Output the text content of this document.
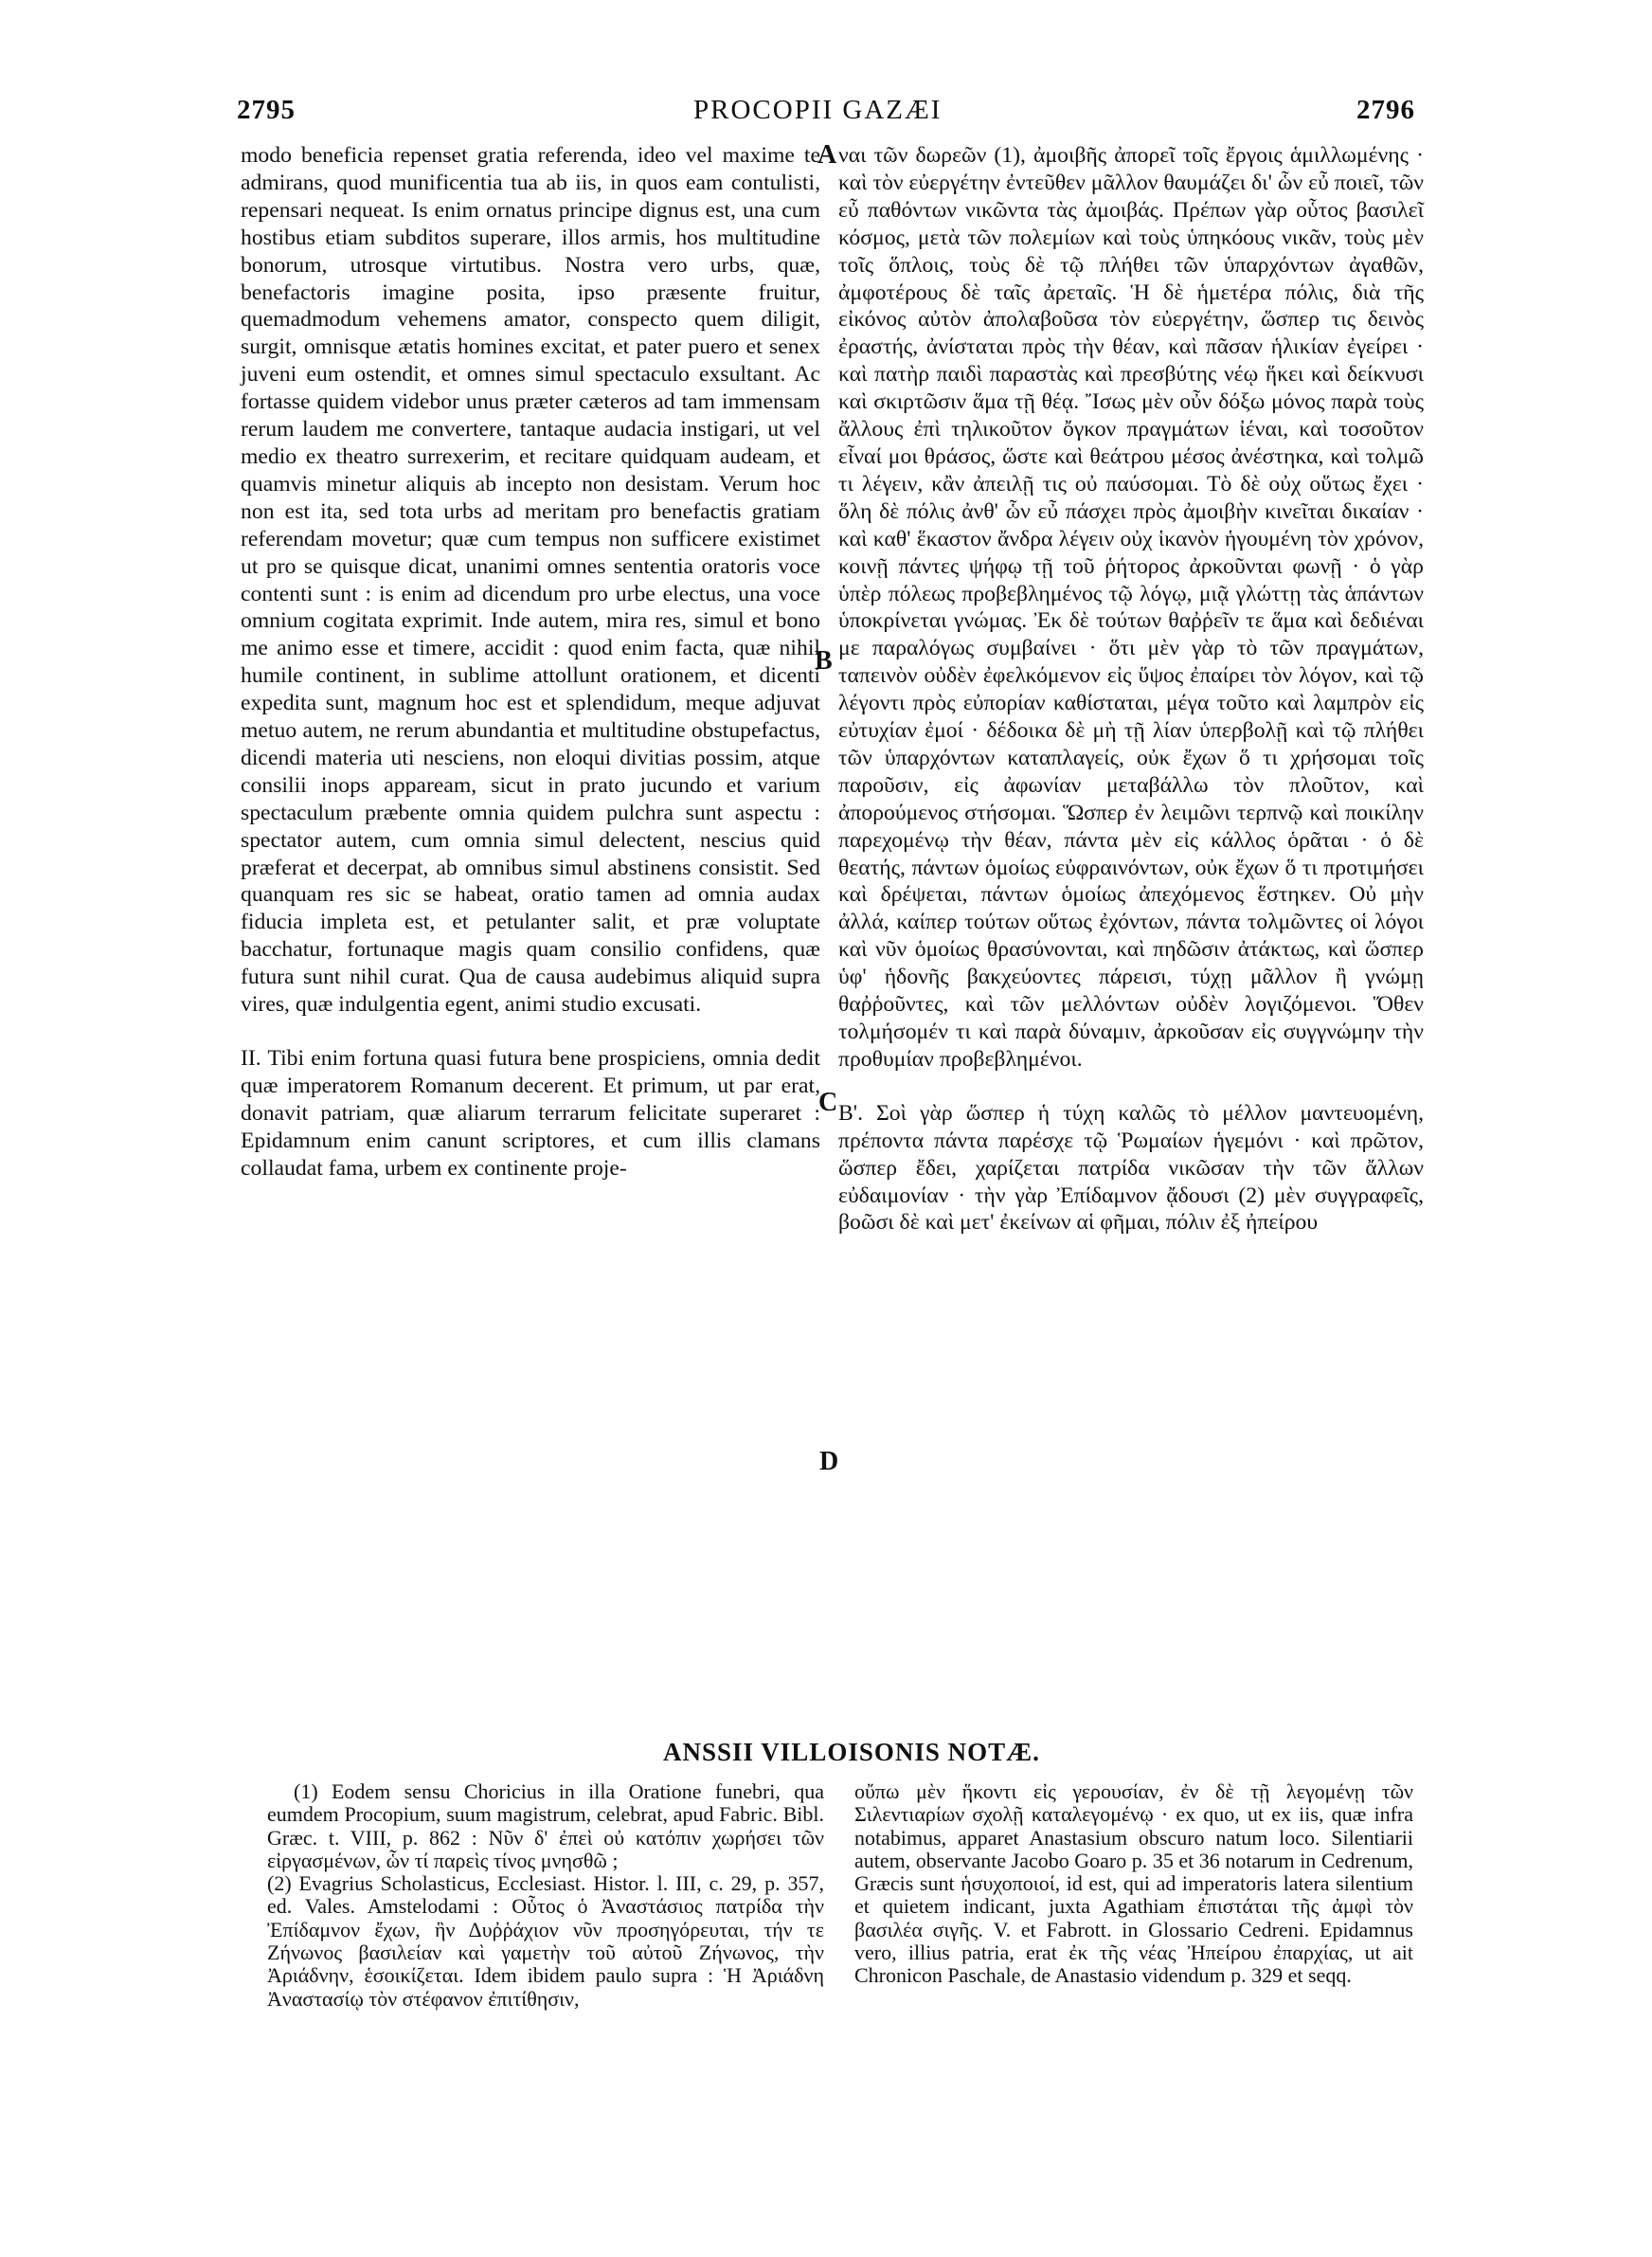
2795	PROCOPII GAZÆI	2796

modo beneficia repenset gratia referenda, ideo vel maxime te admirans, quod munificentia tua ab iis, in quos eam contulisti, repensari nequeat. Is enim ornatus principe dignus est, una cum hostibus etiam subditos superare, illos armis, hos multitudine bonorum, utrosque virtutibus. Nostra vero urbs, quæ, benefactoris imagine posita, ipso præsente fruitur, quemadmodum vehemens amator, conspecto quem diligit, surgit, omnisque ætatis homines excitat, et pater puero et senex juveni eum ostendit, et omnes simul spectaculo exsultant. Ac fortasse quidem videbor unus præter cæteros ad tam immensam rerum laudem me convertere, tantaque audacia instigari, ut vel medio ex theatro surrexerim, et recitare quidquam audeam, et quamvis minetur aliquis ab incepto non desistam. Verum hoc non est ita, sed tota urbs ad meritam pro benefactis gratiam referendam movetur; quæ cum tempus non sufficere existimet ut pro se quisque dicat, unanimi omnes sententia oratoris voce contenti sunt : is enim ad dicendum pro urbe electus, una voce omnium cogitata exprimit. Inde autem, mira res, simul et bono me animo esse et timere, accidit : quod enim facta, quæ nihil humile continent, in sublime attollunt orationem, et dicenti expedita sunt, magnum hoc est et splendidum, meque adjuvat metuo autem, ne rerum abundantia et multitudine obstupefactus, dicendi materia uti nesciens, non eloqui divitias possim, atque consilii inops appaream, sicut in prato jucundo et varium spectaculum præbente omnia quidem pulchra sunt aspectu : spectator autem, cum omnia simul delectent, nescius quid præferat et decerpat, ab omnibus simul abstinens consistit. Sed quanquam res sic se habeat, oratio tamen ad omnia audax fiducia impleta est, et petulanter salit, et præ voluptate bacchatur, fortunaque magis quam consilio confidens, quæ futura sunt nihil curat. Qua de causa audebimus aliquid supra vires, quæ indulgentia egent, animi studio excusati.

II. Tibi enim fortuna quasi futura bene prospiciens, omnia dedit quæ imperatorem Romanum decerent. Et primum, ut par erat, donavit patriam, quæ aliarum terrarum felicitate superaret : Epidamnum enim canunt scriptores, et cum illis clamans collaudat fama, urbem ex continente proje-

A
B
C
D

ναι τῶν δωρεῶν (1), ἀμοιβῆς ἀπορεῖ τοῖς ἔργοις ἁμιλλωμένης · καὶ τὸν εὐεργέτην ἐντεῦθεν μᾶλλον θαυμάζει δι' ὧν εὖ ποιεῖ, τῶν εὖ παθόντων νικῶντα τὰς ἀμοιβάς. Πρέπων γὰρ οὗτος βασιλεῖ κόσμος, μετὰ τῶν πολεμίων καὶ τοὺς ὑπηκόους νικᾶν, τοὺς μὲν τοῖς ὅπλοις, τοὺς δὲ τῷ πλήθει τῶν ὑπαρχόντων ἀγαθῶν, ἀμφοτέρους δὲ ταῖς ἀρεταῖς. Ἡ δὲ ἡμετέρα πόλις, διὰ τῆς εἰκόνος αὐτὸν ἀπολαβοῦσα τὸν εὐεργέτην, ὥσπερ τις δεινὸς ἐραστής, ἀνίσταται πρὸς τὴν θέαν, καὶ πᾶσαν ἡλικίαν ἐγείρει · καὶ πατὴρ παιδὶ παραστὰς καὶ πρεσβύτης νέῳ ἥκει καὶ δείκνυσι καὶ σκιρτῶσιν ἅμα τῇ θέᾳ. Ἴσως μὲν οὖν δόξω μόνος παρὰ τοὺς ἄλλους ἐπὶ τηλικοῦτον ὄγκον πραγμάτων ἰέναι, καὶ τοσοῦτον εἶναί μοι θράσος, ὥστε καὶ θεάτρου μέσος ἀνέστηκα, καὶ τολμῶ τι λέγειν, κἂν ἀπειλῇ τις οὐ παύσομαι. Τὸ δὲ οὐχ οὕτως ἔχει · ὅλη δὲ πόλις ἀνθ' ὧν εὖ πάσχει πρὸς ἀμοιβὴν κινεῖται δικαίαν · καὶ καθ' ἕκαστον ἄνδρα λέγειν οὐχ ἱκανὸν ἡγουμένη τὸν χρόνον, κοινῇ πάντες ψήφῳ τῇ τοῦ ῥήτορος ἀρκοῦνται φωνῇ · ὁ γὰρ ὑπὲρ πόλεως προβεβλημένος τῷ λόγῳ, μιᾷ γλώττῃ τὰς ἁπάντων ὑποκρίνεται γνώμας. Ἐκ δὲ τούτων θαῤῥεῖν τε ἅμα καὶ δεδιέναι με παραλόγως συμβαίνει · ὅτι μὲν γὰρ τὸ τῶν πραγμάτων, ταπεινὸν οὐδὲν ἐφελκόμενον εἰς ὕψος ἐπαίρει τὸν λόγον, καὶ τῷ λέγοντι πρὸς εὐπορίαν καθίσταται, μέγα τοῦτο καὶ λαμπρὸν εἰς εὐτυχίαν ἐμοί · δέδοικα δὲ μὴ τῇ λίαν ὑπερβολῇ καὶ τῷ πλήθει τῶν ὑπαρχόντων καταπλαγείς, οὐκ ἔχων ὅ τι χρήσομαι τοῖς παροῦσιν, εἰς ἀφωνίαν μεταβάλλω τὸν πλοῦτον, καὶ ἀπορούμενος στήσομαι. Ὥσπερ ἐν λειμῶνι τερπνῷ καὶ ποικίλην παρεχομένῳ τὴν θέαν, πάντα μὲν εἰς κάλλος ὁρᾶται · ὁ δὲ θεατής, πάντων ὁμοίως εὐφραινόντων, οὐκ ἔχων ὅ τι προτιμήσει καὶ δρέψεται, πάντων ὁμοίως ἀπεχόμενος ἕστηκεν. Οὐ μὴν ἀλλά, καίπερ τούτων οὕτως ἐχόντων, πάντα τολμῶντες οἱ λόγοι καὶ νῦν ὁμοίως θρασύνονται, καὶ πηδῶσιν ἀτάκτως, καὶ ὥσπερ ὑφ' ἡδονῆς βακχεύοντες πάρεισι, τύχῃ μᾶλλον ἢ γνώμῃ θαῤῥοῦντες, καὶ τῶν μελλόντων οὐδὲν λογιζόμενοι. Ὅθεν τολμήσομέν τι καὶ παρὰ δύναμιν, ἀρκοῦσαν εἰς συγγνώμην τὴν προθυμίαν προβεβλημένοι.

Β'. Σοὶ γὰρ ὥσπερ ἡ τύχη καλῶς τὸ μέλλον μαντευομένη, πρέποντα πάντα παρέσχε τῷ Ῥωμαίων ἡγεμόνι · καὶ πρῶτον, ὥσπερ ἔδει, χαρίζεται πατρίδα νικῶσαν τὴν τῶν ἄλλων εὐδαιμονίαν · τὴν γὰρ Ἐπίδαμνον ᾄδουσι (2) μὲν συγγραφεῖς, βοῶσι δὲ καὶ μετ' ἐκείνων αἱ φῆμαι, πόλιν ἐξ ἠπείρου

ANSSII VILLOISONIS NOTÆ.

(1) Eodem sensu Choricius in illa Oratione funebri, qua eumdem Procopium, suum magistrum, celebrat, apud Fabric. Bibl. Græc. t. VIII, p. 862 : Νῦν δ' ἐπεὶ οὐ κατόπιν χωρήσει τῶν εἰργασμένων, ὧν τί παρεὶς τίνος μνησθῶ ;

(2) Evagrius Scholasticus, Ecclesiast. Histor. l. III, c. 29, p. 357, ed. Vales. Amstelodami : Οὗτος ὁ Ἀναστάσιος πατρίδα τὴν Ἐπίδαμνον ἔχων, ἣν Δυῤῥάχιον νῦν προσηγόρευται, τήν τε Ζήνωνος βασιλείαν καὶ γαμετὴν τοῦ αὐτοῦ Ζήνωνος, τὴν Ἀριάδνην, ἑσοικίζεται. Idem ibidem paulo supra : Ἡ Ἀριάδνη Ἀναστασίῳ τὸν στέφανον ἐπιτίθησιν,

οὔπω μὲν ἥκοντι εἰς γερουσίαν, ἐν δὲ τῇ λεγομένῃ τῶν Σιλεντιαρίων σχολῇ καταλεγομένῳ · ex quo, ut ex iis, quæ infra notabimus, apparet Anastasium obscuro natum loco. Silentiarii autem, observante Jacobo Goaro p. 35 et 36 notarum in Cedrenum, Græcis sunt ἡσυχοποιοί, id est, qui ad imperatoris latera silentium et quietem indicant, juxta Agathiam ἐπιστάται τῆς ἀμφὶ τὸν βασιλέα σιγῆς. V. et Fabrott. in Glossario Cedreni. Epidamnus vero, illius patria, erat ἐκ τῆς νέας Ἠπείρου ἐπαρχίας, ut ait Chronicon Paschale, de Anastasio videndum p. 329 et seqq.
